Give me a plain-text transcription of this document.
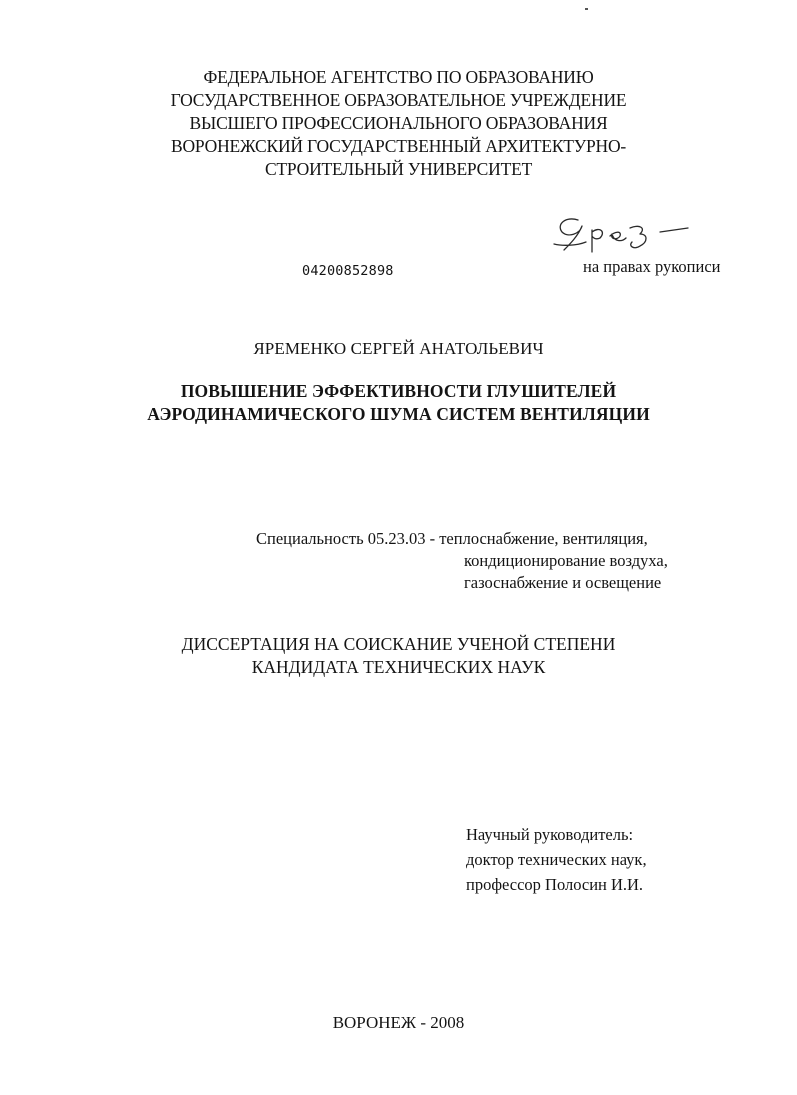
ФЕДЕРАЛЬНОЕ АГЕНТСТВО ПО ОБРАЗОВАНИЮ
ГОСУДАРСТВЕННОЕ ОБРАЗОВАТЕЛЬНОЕ УЧРЕЖДЕНИЕ
ВЫСШЕГО ПРОФЕССИОНАЛЬНОГО ОБРАЗОВАНИЯ
ВОРОНЕЖСКИЙ ГОСУДАРСТВЕННЫЙ АРХИТЕКТУРНО-
СТРОИТЕЛЬНЫЙ УНИВЕРСИТЕТ
04200852898	на правах рукописи
ЯРЕМЕНКО СЕРГЕЙ АНАТОЛЬЕВИЧ
ПОВЫШЕНИЕ ЭФФЕКТИВНОСТИ ГЛУШИТЕЛЕЙ
АЭРОДИНАМИЧЕСКОГО ШУМА СИСТЕМ ВЕНТИЛЯЦИИ
Специальность 05.23.03 - теплоснабжение, вентиляция,
кондиционирование воздуха,
газоснабжение и освещение
ДИССЕРТАЦИЯ НА СОИСКАНИЕ УЧЕНОЙ СТЕПЕНИ
КАНДИДАТА ТЕХНИЧЕСКИХ НАУК
Научный руководитель:
доктор технических наук,
профессор Полосин И.И.
ВОРОНЕЖ - 2008
